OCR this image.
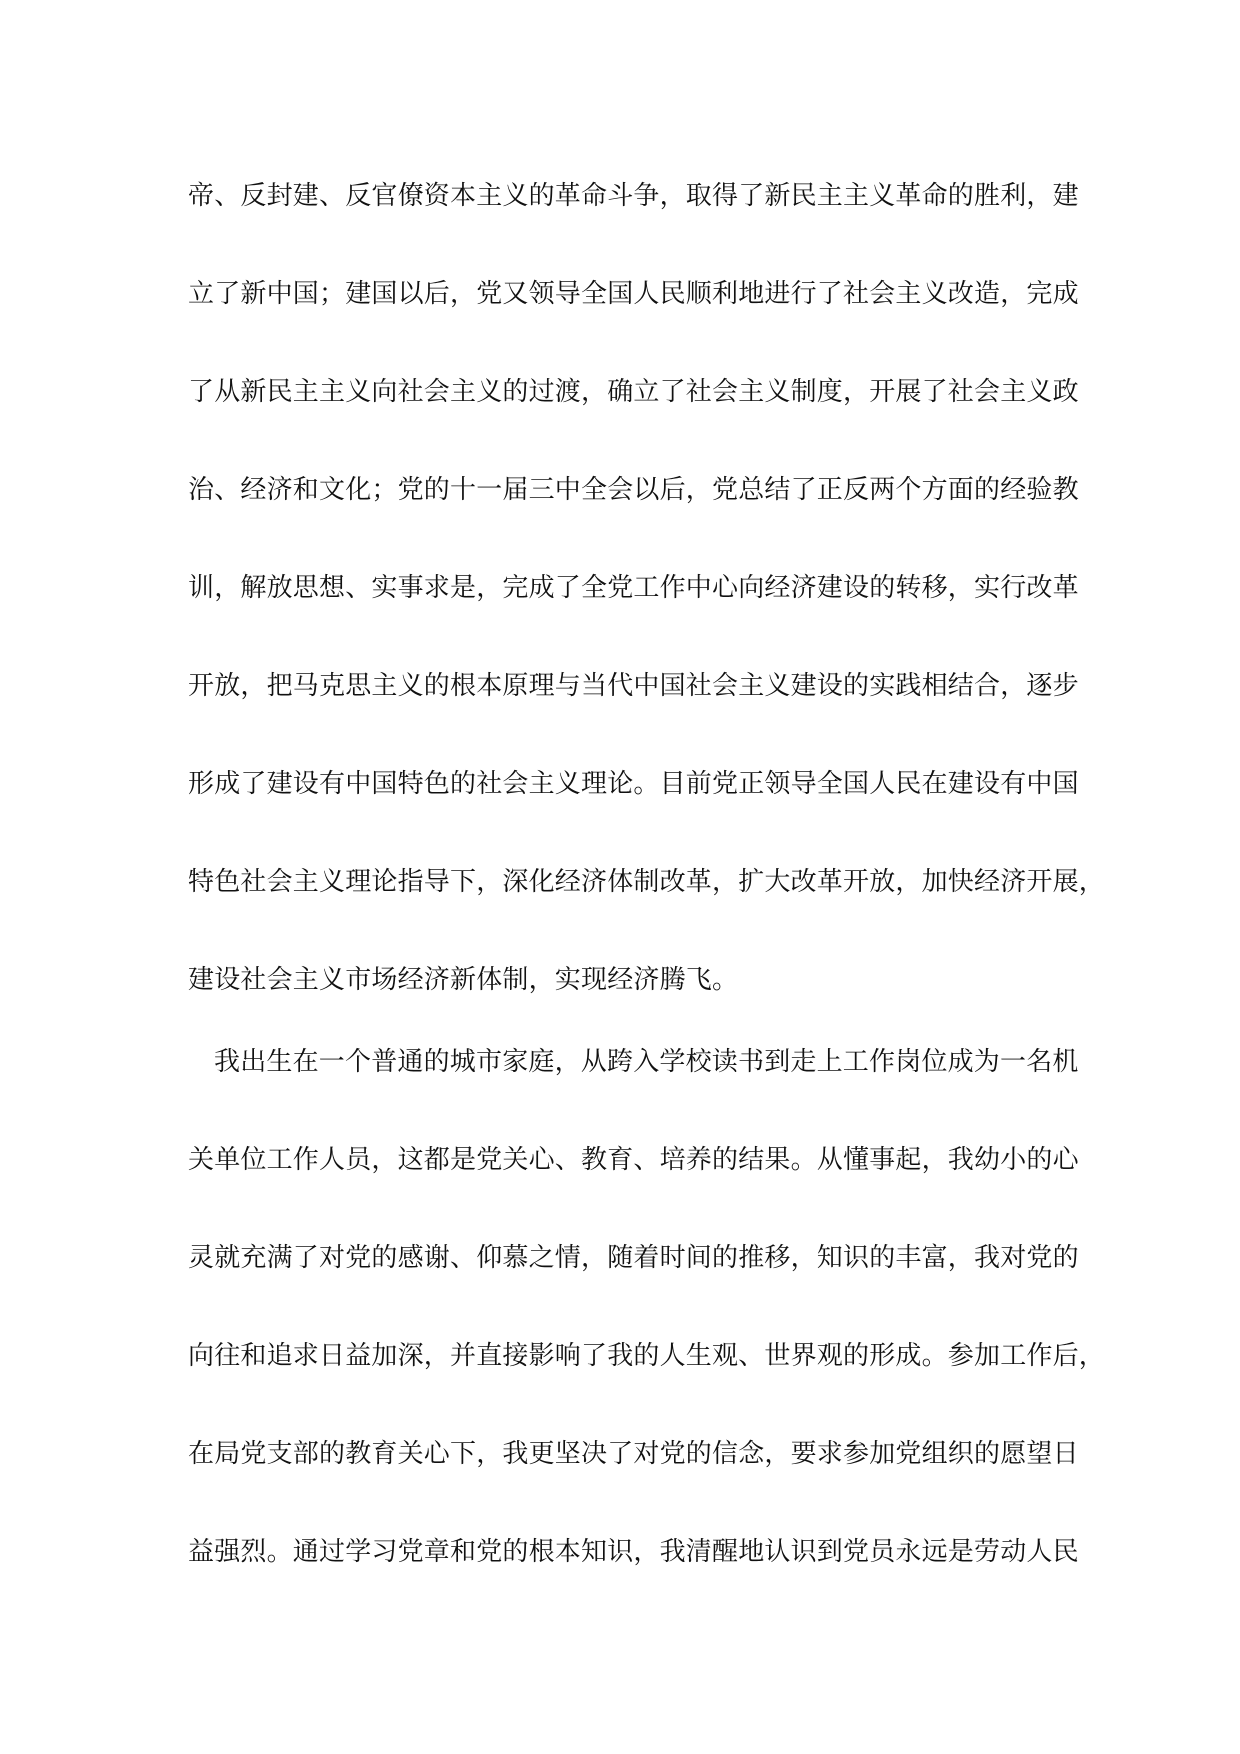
帝、反封建、反官僚资本主义的革命斗争，取得了新民主主义革命的胜利，建
立了新中国；建国以后，党又领导全国人民顺利地进行了社会主义改造，完成
了从新民主主义向社会主义的过渡，确立了社会主义制度，开展了社会主义政
治、经济和文化；党的十一届三中全会以后，党总结了正反两个方面的经验教
训，解放思想、实事求是，完成了全党工作中心向经济建设的转移，实行改革
开放，把马克思主义的根本原理与当代中国社会主义建设的实践相结合，逐步
形成了建设有中国特色的社会主义理论。目前党正领导全国人民在建设有中国
特色社会主义理论指导下，深化经济体制改革，扩大改革开放，加快经济开展，
建设社会主义市场经济新体制，实现经济腾飞。
我出生在一个普通的城市家庭，从跨入学校读书到走上工作岗位成为一名机
关单位工作人员，这都是党关心、教育、培养的结果。从懂事起，我幼小的心
灵就充满了对党的感谢、仰慕之情，随着时间的推移，知识的丰富，我对党的
向往和追求日益加深，并直接影响了我的人生观、世界观的形成。参加工作后，
在局党支部的教育关心下，我更坚决了对党的信念，要求参加党组织的愿望日
益强烈。通过学习党章和党的根本知识，我清醒地认识到党员永远是劳动人民
